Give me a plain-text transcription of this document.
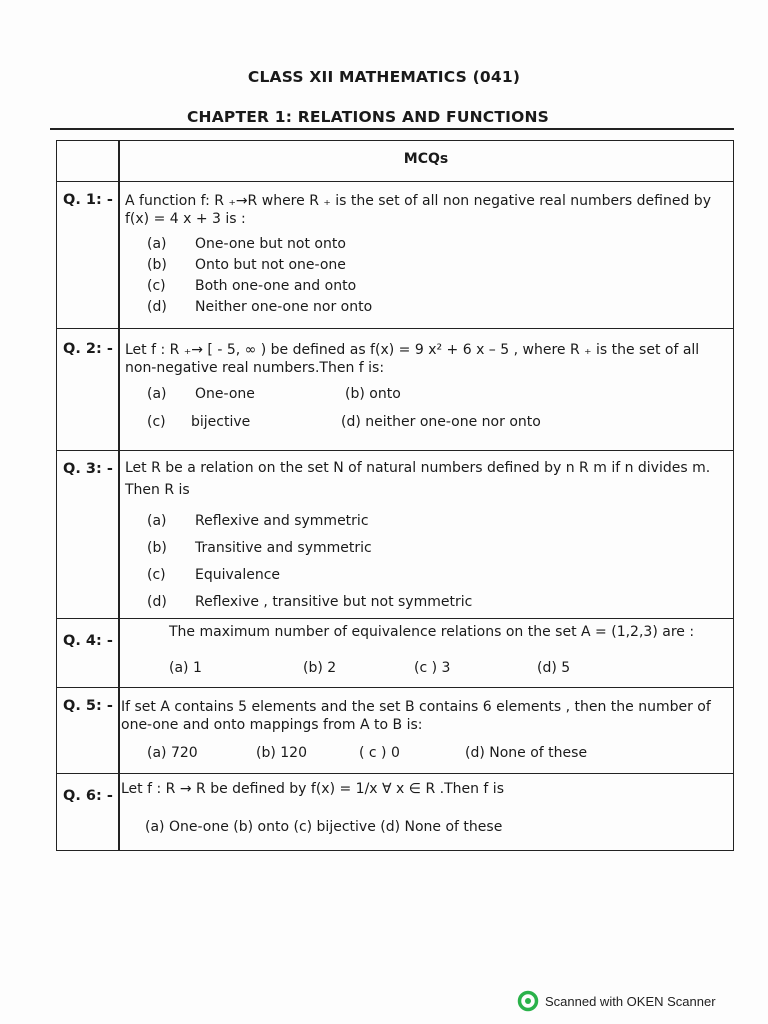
CLASS XII MATHEMATICS (041)
CHAPTER 1: RELATIONS AND FUNCTIONS
MCQs
Q. 1: - A function f: R ₊→R where R ₊ is the set of all non negative real numbers defined by f(x) = 4 x + 3 is :
(a) One-one but not onto
(b) Onto but not one-one
(c) Both one-one and onto
(d) Neither one-one nor onto
Q. 2: - Let f : R ₊→ [ - 5, ∞ ) be defined as f(x) = 9 x² + 6 x – 5 , where R ₊ is the set of all non-negative real numbers.Then f is:
(a) One-one	(b) onto
(c) bijective	(d) neither one-one nor onto
Q. 3: - Let R be a relation on the set N of natural numbers defined by n R m if n divides m. Then R is
(a) Reflexive and symmetric
(b) Transitive and symmetric
(c) Equivalence
(d) Reflexive , transitive but not symmetric
Q. 4: -
The maximum number of equivalence relations on the set A = (1,2,3) are :
(a) 1	(b) 2	(c ) 3	(d) 5
Q. 5: - If set A contains 5 elements and the set B contains 6 elements , then the number of one-one and onto mappings from A to B is:
(a) 720	(b) 120	( c ) 0	(d) None of these
Q. 6: - Let f : R → R be defined by f(x) = 1/x ∀ x ∈ R .Then f is
(a) One-one (b) onto (c) bijective (d) None of these
Scanned with OKEN Scanner
